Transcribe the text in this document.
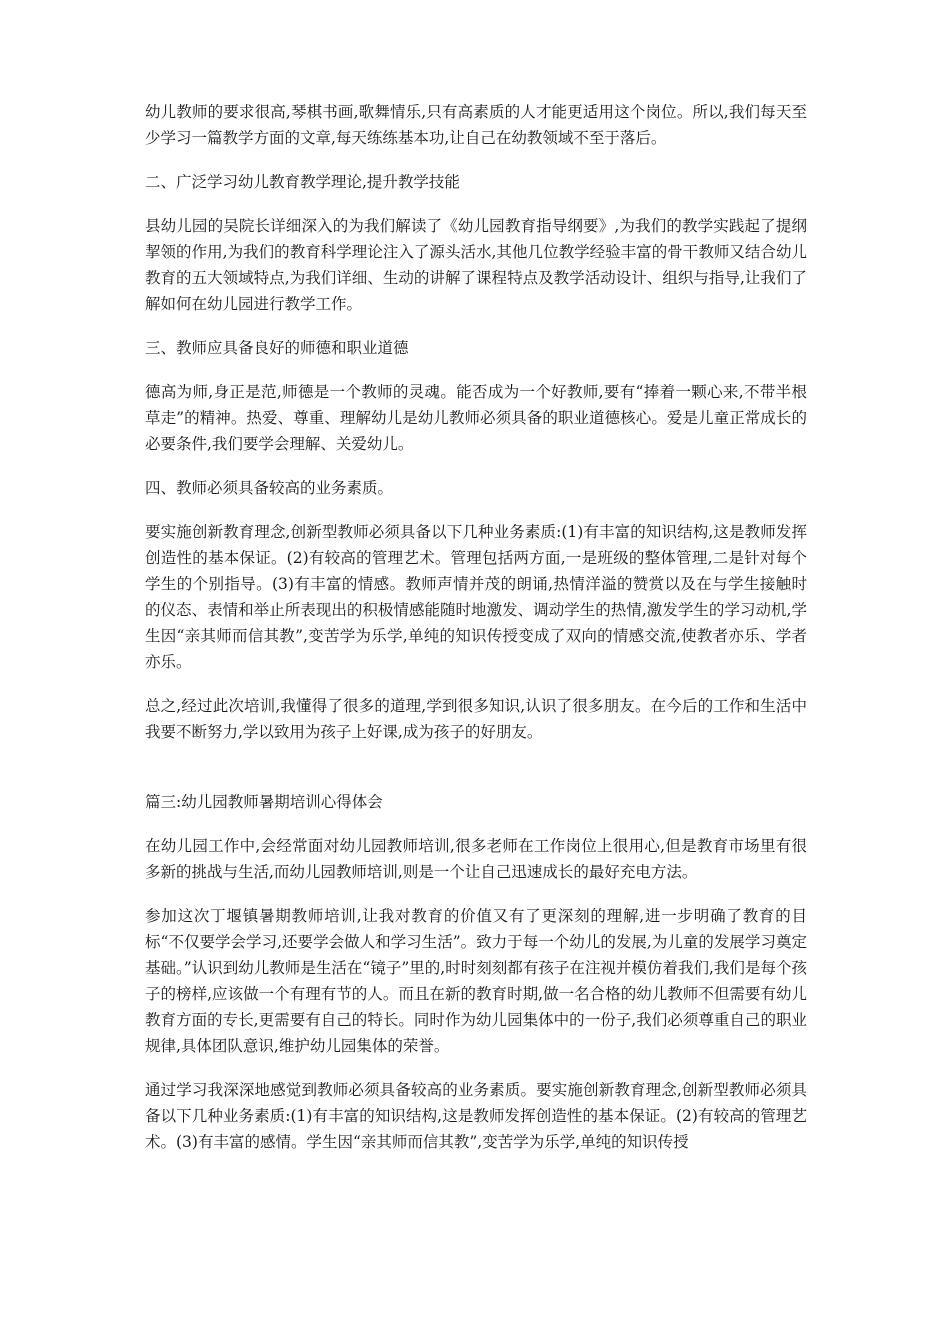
幼儿教师的要求很高,琴棋书画,歌舞情乐,只有高素质的人才能更适用这个岗位。所以,我们每天至少学习一篇教学方面的文章,每天练练基本功,让自己在幼教领域不至于落后。

二、广泛学习幼儿教育教学理论,提升教学技能

县幼儿园的吴院长详细深入的为我们解读了《幼儿园教育指导纲要》,为我们的教学实践起了提纲挈领的作用,为我们的教育科学理论注入了源头活水,其他几位教学经验丰富的骨干教师又结合幼儿教育的五大领域特点,为我们详细、生动的讲解了课程特点及教学活动设计、组织与指导,让我们了解如何在幼儿园进行教学工作。

三、教师应具备良好的师德和职业道德

德高为师,身正是范,师德是一个教师的灵魂。能否成为一个好教师,要有“捧着一颗心来,不带半根草走”的精神。热爱、尊重、理解幼儿是幼儿教师必须具备的职业道德核心。爱是儿童正常成长的必要条件,我们要学会理解、关爱幼儿。

四、教师必须具备较高的业务素质。

要实施创新教育理念,创新型教师必须具备以下几种业务素质:(1)有丰富的知识结构,这是教师发挥创造性的基本保证。(2)有较高的管理艺术。管理包括两方面,一是班级的整体管理,二是针对每个学生的个别指导。(3)有丰富的情感。教师声情并茂的朗诵,热情洋溢的赞赏以及在与学生接触时的仪态、表情和举止所表现出的积极情感能随时地激发、调动学生的热情,激发学生的学习动机,学生因“亲其师而信其教”,变苦学为乐学,单纯的知识传授变成了双向的情感交流,使教者亦乐、学者亦乐。

总之,经过此次培训,我懂得了很多的道理,学到很多知识,认识了很多朋友。在今后的工作和生活中我要不断努力,学以致用为孩子上好课,成为孩子的好朋友。

篇三:幼儿园教师暑期培训心得体会

在幼儿园工作中,会经常面对幼儿园教师培训,很多老师在工作岗位上很用心,但是教育市场里有很多新的挑战与生活,而幼儿园教师培训,则是一个让自己迅速成长的最好充电方法。

参加这次丁堰镇暑期教师培训,让我对教育的价值又有了更深刻的理解,进一步明确了教育的目标“不仅要学会学习,还要学会做人和学习生活”。致力于每一个幼儿的发展,为儿童的发展学习奠定基础。”认识到幼儿教师是生活在“镜子”里的,时时刻刻都有孩子在注视并模仿着我们,我们是每个孩子的榜样,应该做一个有理有节的人。而且在新的教育时期,做一名合格的幼儿教师不但需要有幼儿教育方面的专长,更需要有自己的特长。同时作为幼儿园集体中的一份子,我们必须尊重自己的职业规律,具体团队意识,维护幼儿园集体的荣誉。

通过学习我深深地感觉到教师必须具备较高的业务素质。要实施创新教育理念,创新型教师必须具备以下几种业务素质:(1)有丰富的知识结构,这是教师发挥创造性的基本保证。(2)有较高的管理艺术。(3)有丰富的感情。学生因“亲其师而信其教”,变苦学为乐学,单纯的知识传授
